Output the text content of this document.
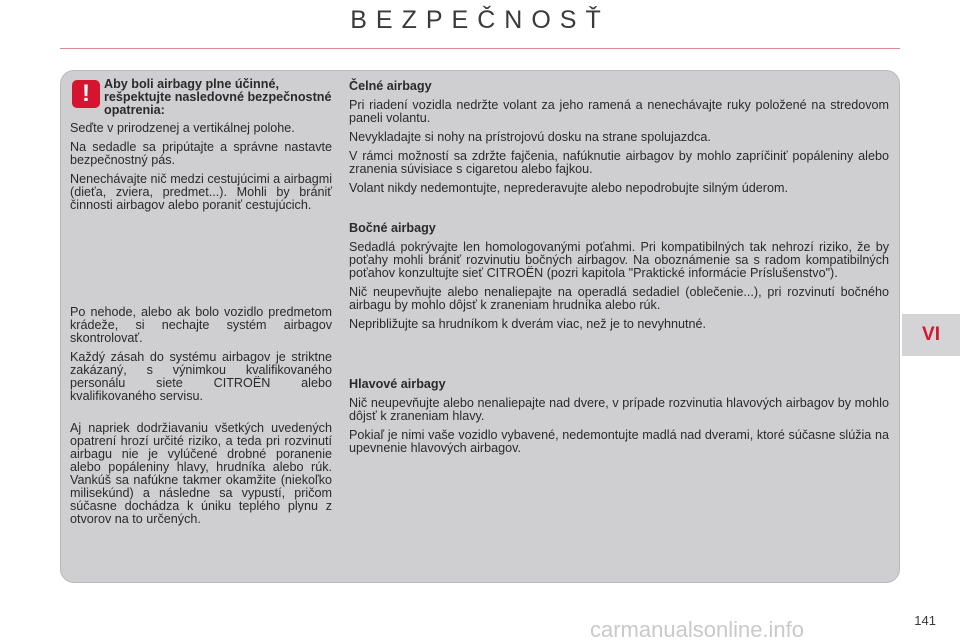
BEZPEČNOSŤ
!	Aby boli airbagy plne účinné, rešpektujte nasledovné bezpečnostné opatrenia:

Seďte v prirodzenej a vertikálnej polohe.

Na sedadle sa pripútajte a správne nastavte bezpečnostný pás.

Nenechávajte nič medzi cestujúcimi a airbagmi (dieťa, zviera, predmet...). Mohli by brániť činnosti airbagov alebo poraniť cestujúcich.

Po nehode, alebo ak bolo vozidlo predmetom krádeže, si nechajte systém airbagov skontrolovať.

Každý zásah do systému airbagov je striktne zakázaný, s výnimkou kvalifikovaného personálu siete CITROËN alebo kvalifikovaného servisu.

Aj napriek dodržiavaniu všetkých uvedených opatrení hrozí určité riziko, a teda pri rozvinutí airbagu nie je vylúčené drobné poranenie alebo popáleniny hlavy, hrudníka alebo rúk. Vankúš sa nafúkne takmer okamžite (niekoľko milisekúnd) a následne sa vypustí, pričom súčasne dochádza k úniku teplého plynu z otvorov na to určených.

Čelné airbagy

Pri riadení vozidla nedržte volant za jeho ramená a nenechávajte ruky položené na stredovom paneli volantu.

Nevykladajte si nohy na prístrojovú dosku na strane spolujazdca.

V rámci možností sa zdržte fajčenia, nafúknutie airbagov by mohlo zapríčiniť popáleniny alebo zranenia súvisiace s cigaretou alebo fajkou.

Volant nikdy nedemontujte, neprederavujte alebo nepodrobujte silným úderom.

Bočné airbagy

Sedadlá pokrývajte len homologovanými poťahmi. Pri kompatibilných tak nehrozí riziko, že by poťahy mohli brániť rozvinutiu bočných airbagov. Na oboznámenie sa s radom kompatibilných poťahov konzultujte sieť CITROËN (pozri kapitola "Praktické informácie Príslušenstvo").

Nič neupevňujte alebo nenaliepajte na operadlá sedadiel (oblečenie...), pri rozvinutí bočného airbagu by mohlo dôjsť k zraneniam hrudníka alebo rúk.

Nepribližujte sa hrudníkom k dverám viac, než je to nevyhnutné.

Hlavové airbagy

Nič neupevňujte alebo nenaliepajte nad dvere, v prípade rozvinutia hlavových airbagov by mohlo dôjsť k zraneniam hlavy.

Pokiaľ je nimi vaše vozidlo vybavené, nedemontujte madlá nad dverami, ktoré súčasne slúžia na upevnenie hlavových airbagov.

VI
carmanualsonline.info	141
